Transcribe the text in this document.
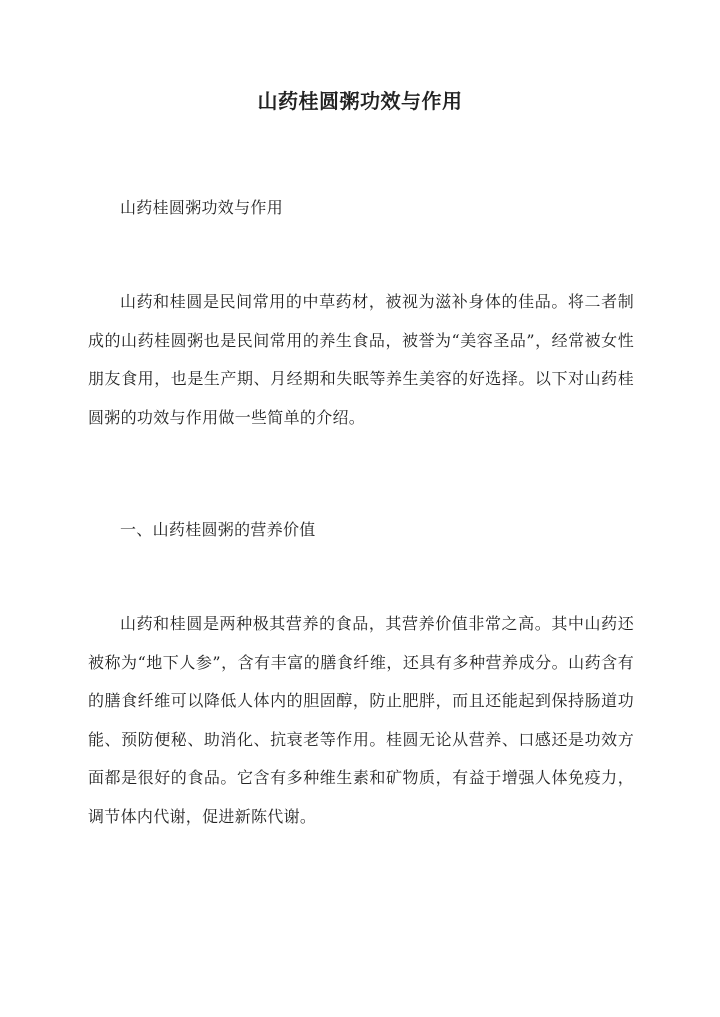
山药桂圆粥功效与作用
山药桂圆粥功效与作用
山药和桂圆是民间常用的中草药材，被视为滋补身体的佳品。将二者制成的山药桂圆粥也是民间常用的养生食品，被誉为“美容圣品”，经常被女性朋友食用，也是生产期、月经期和失眠等养生美容的好选择。以下对山药桂圆粥的功效与作用做一些简单的介绍。
一、山药桂圆粥的营养价值
山药和桂圆是两种极其营养的食品，其营养价值非常之高。其中山药还被称为“地下人参”，含有丰富的膳食纤维，还具有多种营养成分。山药含有的膳食纤维可以降低人体内的胆固醇，防止肥胖，而且还能起到保持肠道功能、预防便秘、助消化、抗衰老等作用。桂圆无论从营养、口感还是功效方面都是很好的食品。它含有多种维生素和矿物质，有益于增强人体免疫力，调节体内代谢，促进新陈代谢。
